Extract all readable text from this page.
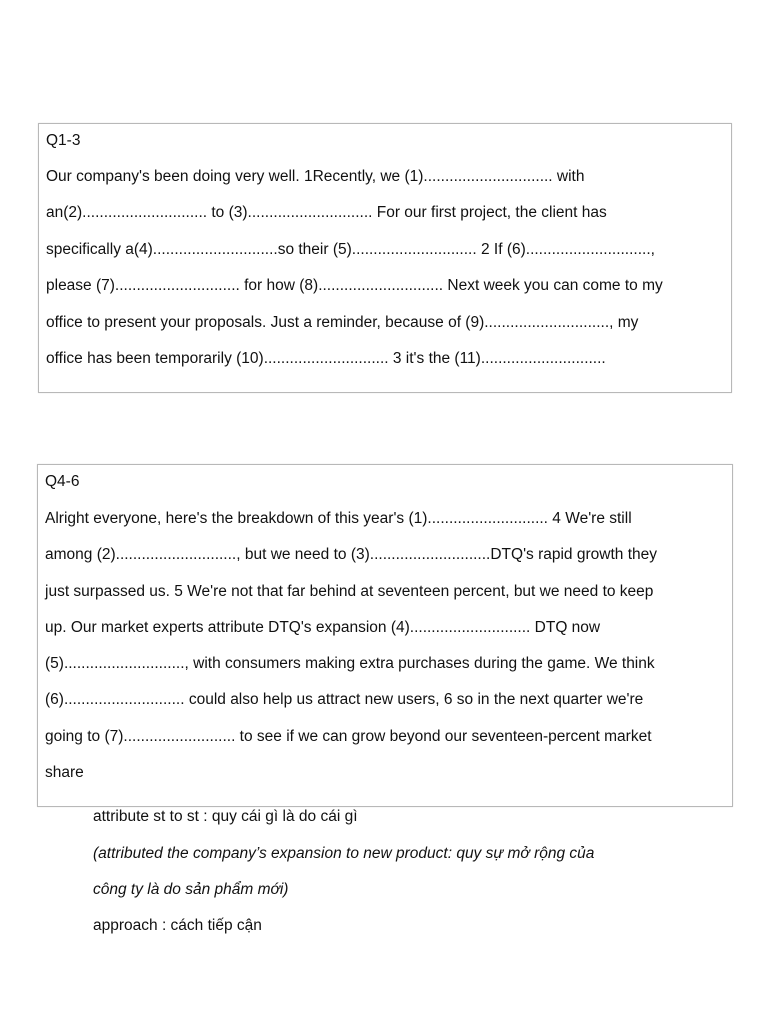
Q1-3
Our company's been doing very well. 1Recently, we (1).............................. with
an(2)............................. to (3)............................. For our first project, the client has
specifically a(4).............................so their (5)............................. 2 If (6).............................,
please (7)............................. for how (8)............................. Next week you can come to my
office to present your proposals. Just a reminder, because of (9)............................., my
office has been temporarily (10)............................. 3 it's the (11).............................
Q4-6
Alright everyone, here's the breakdown of this year's (1)............................ 4 We're still
among (2)............................, but we need to (3)............................DTQ's rapid growth they
just surpassed us. 5 We're not that far behind at seventeen percent, but we need to keep
up. Our market experts attribute DTQ's expansion (4)............................ DTQ now
(5)............................, with consumers making extra purchases during the game. We think
(6)............................ could also help us attract new users, 6 so in the next quarter we're
going to (7).......................... to see if we can grow beyond our seventeen-percent market
share
attribute st to st : quy cái gì là do cái gì
(attributed the company’s expansion to new product: quy sự mở rộng của
công ty là do sản phẩm mới)
approach : cách tiếp cận
